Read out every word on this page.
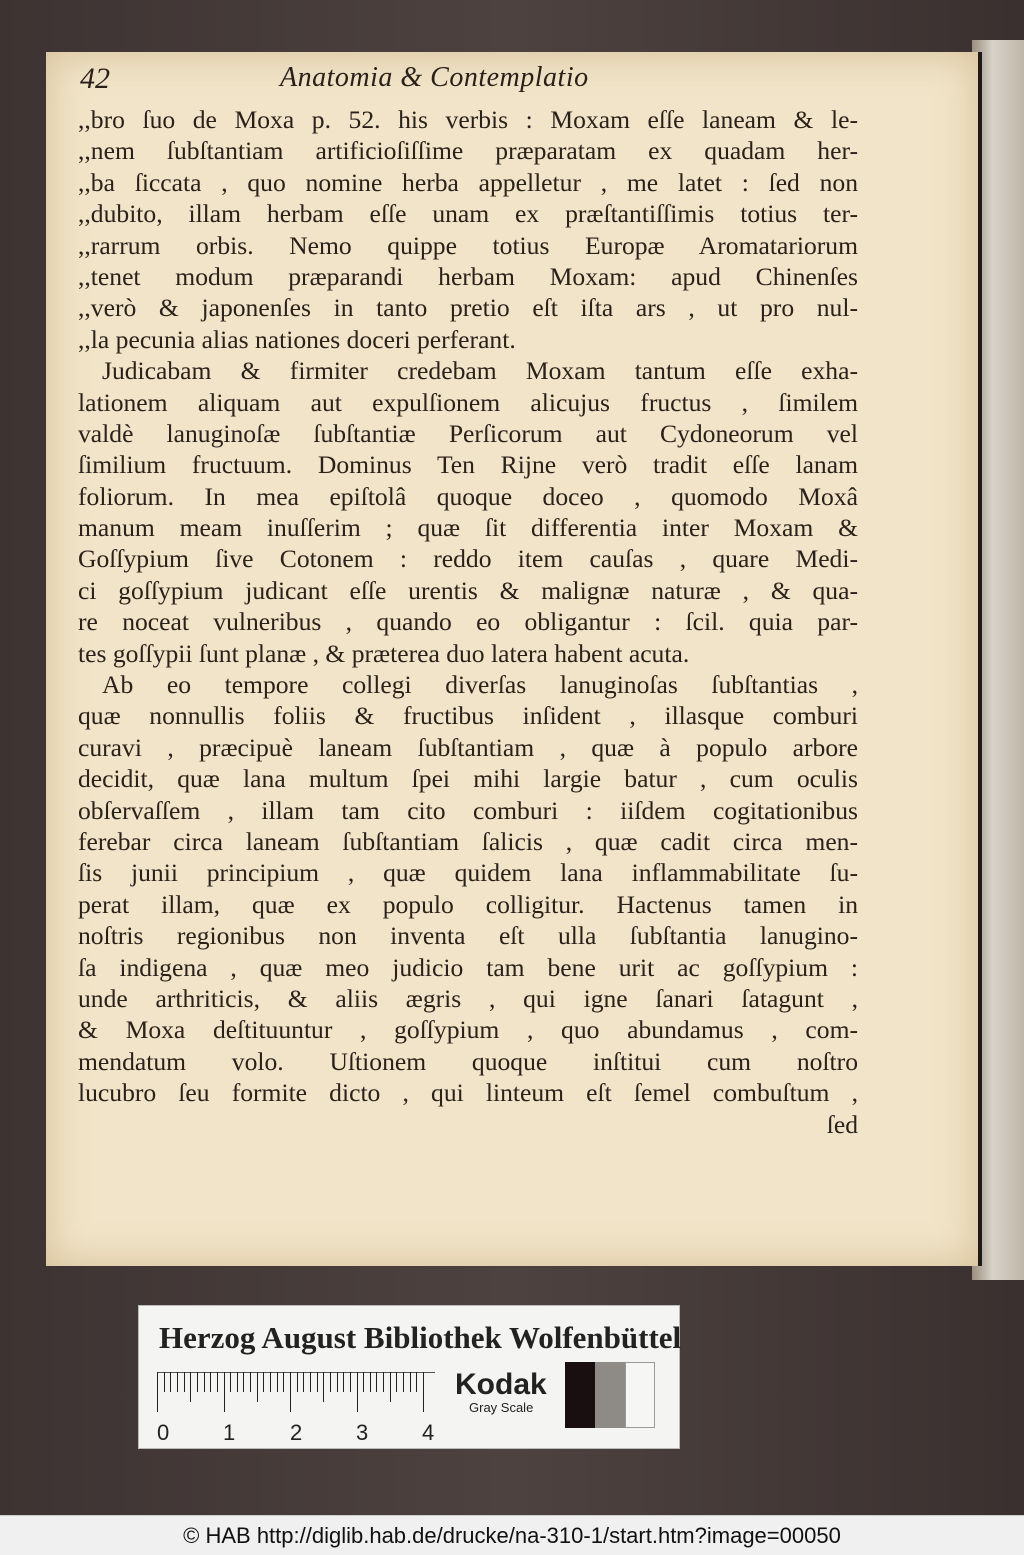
42	Anatomia & Contemplatio
,,bro ſuo de Moxa p. 52. his verbis : Moxam eſſe laneam & le-
,,nem ſubſtantiam artificioſiſſime præparatam ex quadam her-
,,ba ſiccata , quo nomine herba appelletur , me latet : ſed non
,,dubito, illam herbam eſſe unam ex præſtantiſſimis totius ter-
,,rarrum orbis. Nemo quippe totius Europæ Aromatariorum
,,tenet modum præparandi herbam Moxam: apud Chinenſes
,,verò & japonenſes in tanto pretio eſt iſta ars , ut pro nul-
,,la pecunia alias nationes doceri perferant.
Judicabam & firmiter credebam Moxam tantum eſſe exha-
lationem aliquam aut expulſionem alicujus fructus , ſimilem
valdè lanuginoſæ ſubſtantiæ Perſicorum aut Cydoneorum vel
ſimilium fructuum. Dominus Ten Rijne verò tradit eſſe lanam
foliorum. In mea epiſtolâ quoque doceo , quomodo Moxâ
manum meam inuſſerim ; quæ ſit differentia inter Moxam &
Goſſypium ſive Cotonem : reddo item cauſas , quare Medi-
ci goſſypium judicant eſſe urentis & malignæ naturæ , & qua-
re noceat vulneribus , quando eo obligantur : ſcil. quia par-
tes goſſypii ſunt planæ , & præterea duo latera habent acuta.
Ab eo tempore collegi diverſas lanuginoſas ſubſtantias ,
quæ nonnullis foliis & fructibus inſident , illasque comburi
curavi , præcipuè laneam ſubſtantiam , quæ à populo arbore
decidit, quæ lana multum ſpei mihi largie batur , cum oculis
obſervaſſem , illam tam cito comburi : iiſdem cogitationibus
ferebar circa laneam ſubſtantiam ſalicis , quæ cadit circa men-
ſis junii principium , quæ quidem lana inflammabilitate ſu-
perat illam, quæ ex populo colligitur. Hactenus tamen in
noſtris regionibus non inventa eſt ulla ſubſtantia lanugino-
ſa indigena , quæ meo judicio tam bene urit ac goſſypium :
unde arthriticis, & aliis ægris , qui igne ſanari ſatagunt ,
& Moxa deſtituuntur , goſſypium , quo abundamus , com-
mendatum volo. Uſtionem quoque inſtitui cum noſtro
lucubro ſeu formite dicto , qui linteum eſt ſemel combuſtum ,
ſed
Herzog August Bibliothek Wolfenbüttel
0 1 2 3 4
Kodak
Gray Scale
© HAB http://diglib.hab.de/drucke/na-310-1/start.htm?image=00050
